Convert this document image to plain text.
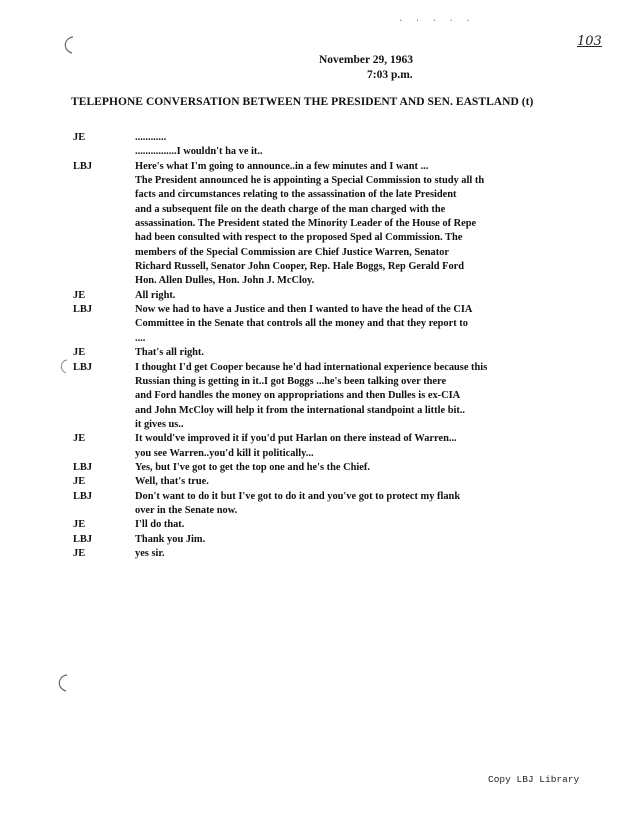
. . . . .
103
November 29, 1963
7:03 p.m.
TELEPHONE CONVERSATION BETWEEN THE PRESIDENT AND SEN. EASTLAND (t)
JE	............
................I wouldn't ha ve it..
LBJ	Here's what I'm going to announce..in a few minutes and I want ...
The President announced he is appointing a Special Commission to study all th
facts and circumstances relating to the assassination of the late President
and a subsequent file on the death charge of the man charged with the
assassination. The President stated the Minority Leader of the House of Repe
had been consulted with respect to the proposed Sped al Commission. The
members of the Special Commission are Chief Justice Warren, Senator
Richard Russell, Senator John Cooper, Rep. Hale Boggs, Rep Gerald Ford
Hon. Allen Dulles, Hon. John J. McCloy.
JE	All right.
LBJ	Now we had to have a Justice and then I wanted to have the head of the CIA
Committee in the Senate that controls all the money and that they report to
....
JE	That's all right.
LBJ	I thought I'd get Cooper because he'd had international experience because this
Russian thing is getting in it..I got Boggs ...he's been talking over there
and Ford handles the money on appropriations and then Dulles is ex-CIA
and John McCloy will help it from the international standpoint a little bit..
it gives us..
JE	It would've improved it if you'd put Harlan on there instead of Warren...
you see Warren..you'd kill it politically...
LBJ	Yes, but I've got to get the top one and he's the Chief.
JE	Well, that's true.
LBJ	Don't want to do it but I've got to do it and you've got to protect my flank
over in the Senate now.
JE	I'll do that.
LBJ	Thank you Jim.
JE	yes sir.
Copy LBJ Library
